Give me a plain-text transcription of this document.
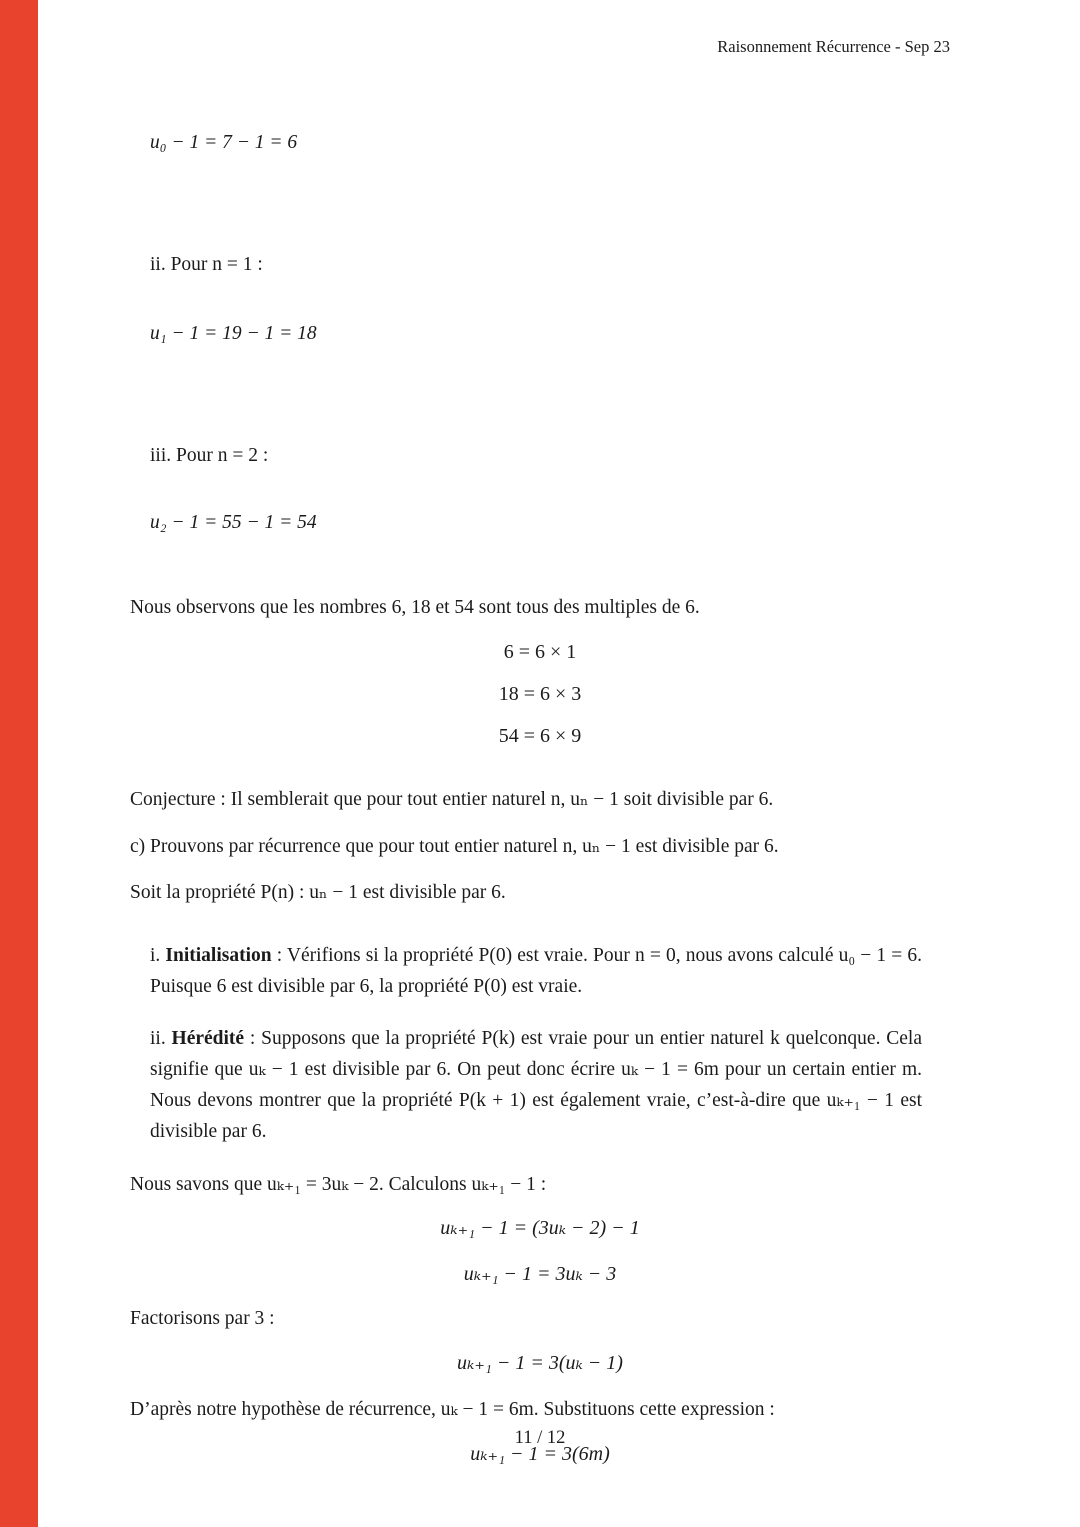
Raisonnement Récurrence - Sep 23
u₀ − 1 = 7 − 1 = 6
ii. Pour n = 1 :
u₁ − 1 = 19 − 1 = 18
iii. Pour n = 2 :
u₂ − 1 = 55 − 1 = 54
Nous observons que les nombres 6, 18 et 54 sont tous des multiples de 6.
6 = 6 × 1
18 = 6 × 3
54 = 6 × 9
Conjecture : Il semblerait que pour tout entier naturel n, uₙ − 1 soit divisible par 6.
c) Prouvons par récurrence que pour tout entier naturel n, uₙ − 1 est divisible par 6.
Soit la propriété P(n) : uₙ − 1 est divisible par 6.
i. Initialisation : Vérifions si la propriété P(0) est vraie. Pour n = 0, nous avons calculé u₀ − 1 = 6. Puisque 6 est divisible par 6, la propriété P(0) est vraie.
ii. Hérédité : Supposons que la propriété P(k) est vraie pour un entier naturel k quelconque. Cela signifie que uₖ − 1 est divisible par 6. On peut donc écrire uₖ − 1 = 6m pour un certain entier m. Nous devons montrer que la propriété P(k + 1) est également vraie, c’est-à-dire que uₖ₊₁ − 1 est divisible par 6.
Nous savons que uₖ₊₁ = 3uₖ − 2. Calculons uₖ₊₁ − 1 :
uₖ₊₁ − 1 = (3uₖ − 2) − 1
uₖ₊₁ − 1 = 3uₖ − 3
Factorisons par 3 :
uₖ₊₁ − 1 = 3(uₖ − 1)
D’après notre hypothèse de récurrence, uₖ − 1 = 6m. Substituons cette expression :
uₖ₊₁ − 1 = 3(6m)
11 / 12
